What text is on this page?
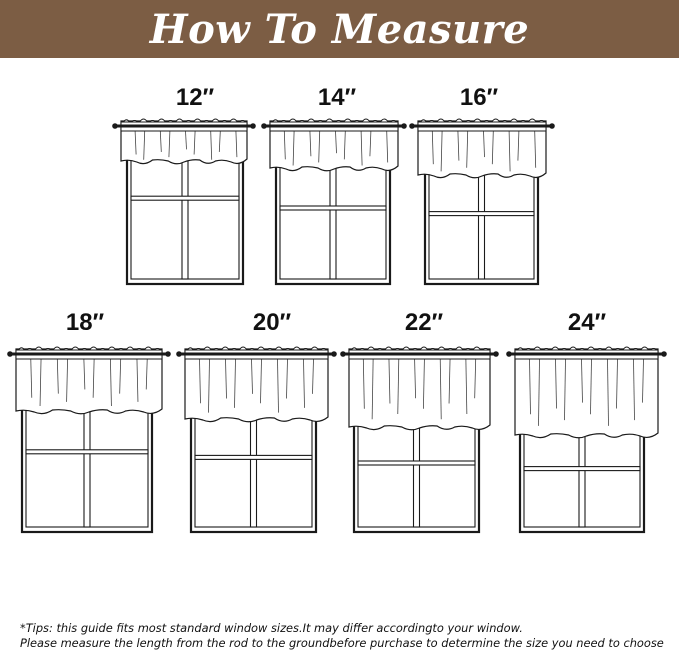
How To Measure
12″	14″	16″
18″	20″	22″	24″
*Tips: this guide fits most standard window sizes.It may differ accordingto your window.
Please measure the length from the rod to the groundbefore purchase to determine the size you need to choose
